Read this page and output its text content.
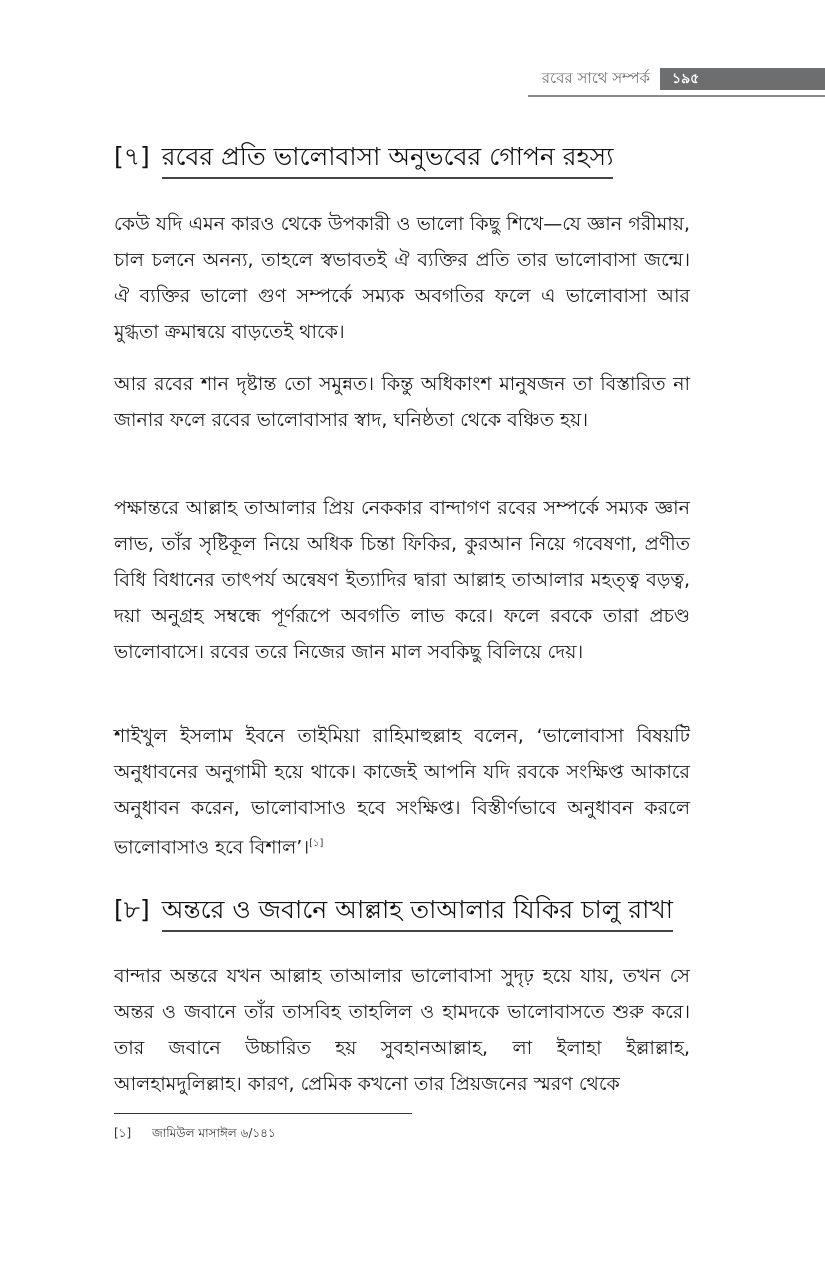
রবের সাথে সম্পর্ক	১৯৫
[৭] রবের প্রতি ভালোবাসা অনুভবের গোপন রহস্য

কেউ যদি এমন কারও থেকে উপকারী ও ভালো কিছু শিখে—যে জ্ঞান গরীমায়, চাল চলনে অনন্য, তাহলে স্বভাবতই ঐ ব্যক্তির প্রতি তার ভালোবাসা জন্মে। ঐ ব্যক্তির ভালো গুণ সম্পর্কে সম্যক অবগতির ফলে এ ভালোবাসা আর মুগ্ধতা ক্রমান্বয়ে বাড়তেই থাকে।

আর রবের শান দৃষ্টান্ত তো সমুন্নত। কিন্তু অধিকাংশ মানুষজন তা বিস্তারিত না জানার ফলে রবের ভালোবাসার স্বাদ, ঘনিষ্ঠতা থেকে বঞ্চিত হয়।

পক্ষান্তরে আল্লাহ তাআলার প্রিয় নেককার বান্দাগণ রবের সম্পর্কে সম্যক জ্ঞান লাভ, তাঁর সৃষ্টিকূল নিয়ে অধিক চিন্তা ফিকির, কুরআন নিয়ে গবেষণা, প্রণীত বিধি বিধানের তাৎপর্য অন্বেষণ ইত্যাদির দ্বারা আল্লাহ তাআলার মহত্ত্ব বড়ত্ব, দয়া অনুগ্রহ সম্বন্ধে পূর্ণরূপে অবগতি লাভ করে। ফলে রবকে তারা প্রচণ্ড ভালোবাসে। রবের তরে নিজের জান মাল সবকিছু বিলিয়ে দেয়।

শাইখুল ইসলাম ইবনে তাইমিয়া রাহিমাহুল্লাহ বলেন, ‘ভালোবাসা বিষয়টি অনুধাবনের অনুগামী হয়ে থাকে। কাজেই আপনি যদি রবকে সংক্ষিপ্ত আকারে অনুধাবন করেন, ভালোবাসাও হবে সংক্ষিপ্ত। বিস্তীর্ণভাবে অনুধাবন করলে ভালোবাসাও হবে বিশাল’।[১]

[৮] অন্তরে ও জবানে আল্লাহ তাআলার যিকির চালু রাখা

বান্দার অন্তরে যখন আল্লাহ তাআলার ভালোবাসা সুদৃঢ় হয়ে যায়, তখন সে অন্তর ও জবানে তাঁর তাসবিহ তাহলিল ও হামদকে ভালোবাসতে শুরু করে। তার জবানে উচ্চারিত হয় সুবহানআল্লাহ, লা ইলাহা ইল্লাল্লাহ, আলহামদুলিল্লাহ। কারণ, প্রেমিক কখনো তার প্রিয়জনের স্মরণ থেকে

[১] জামিউল মাসাঈল ৬/১৪১
